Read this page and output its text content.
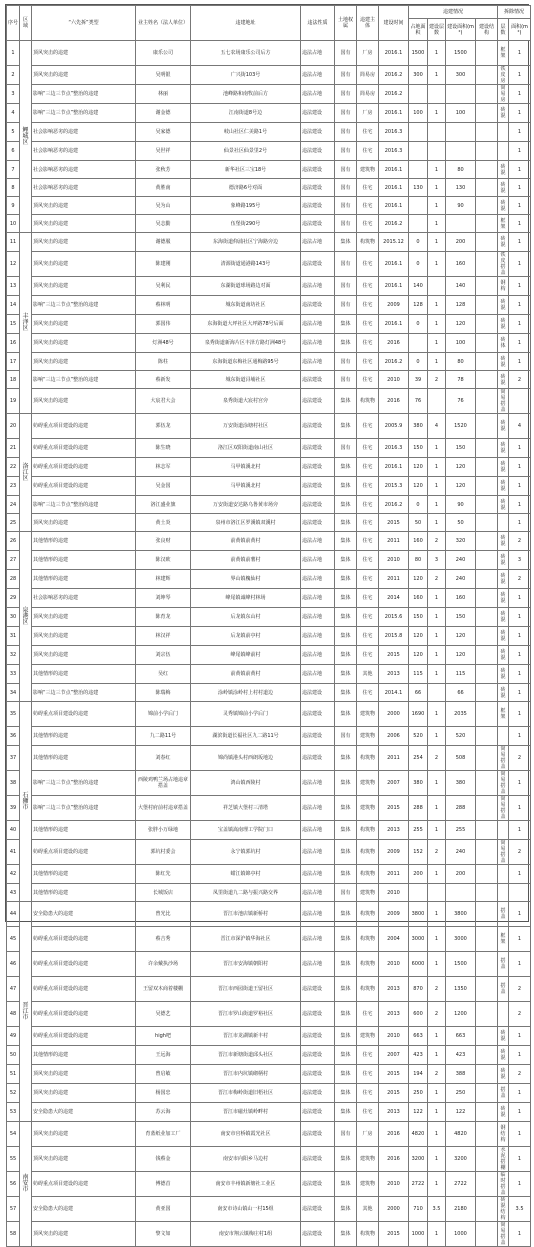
序号	区域	“六先拆”类型	业主姓名（法人单位）	违建地址	违法性质	土地权属	违建主体	建设时间	违建情况				拆除情况		
									占地面积	建设层数	建设面积(m²)	建设结构	层数	面积(m²)	
1	鲤城区	顶风突击的违建	康乐公司	五七农场康乐公司后方	违法占地	国有	厂房	2016.1	1500	1	1500		框架	1	
2		顶风突击的违建	吴明银	广兴街103号	违法占地	国有	简易房	2016.2	300	1	300		铁皮房	1	
3		影响“三边三节点”整治的违建	林丽	池峰路和南牧前后方	违法占地	国有	简易房	2016.2					简易房	1	
4		影响“三边三节点”整治的违建	谢金德	江南街道8号边	违法建设	国有	厂房	2016.1	100	1	100		砖混	1	
5		社会影响恶劣的违建	吴家德	岐山社区仁美路1号	违法建设	国有	住宅	2016.3						1	
6		社会影响恶劣的违建	吴世祥	仙景社区仙景里2号	违法建设	国有	住宅	2016.3						1	
7		社会影响恶劣的违建	张秋芳	新华社区三宝18号	违法建设	国有	建筑物	2016.1		1	80		砖混	1	
8		社会影响恶劣的违建	黄胜南	德济路6号对面	违法建设	国有	住宅	2016.1	130	1	130		砖混	1	
9		顶风突击的违建	吴为山	象峰路195号	违法建设	国有	住宅	2016.1		1	90		砖混	1	
10		顶风突击的违建	吴志勤	伍堡街290号	违法建设	国有	住宅	2016.2		1			框架	1	
11	丰泽区	顶风突击的违建	谢德服	东海街道仰浦社区宁海路旁边	违法占地	集体	构筑物	2015.12	0	1	200		砖混	1	
12		顶风突击的违建	陈建刚	清源街道通港路143号	违法建设	国有	住宅	2016.1	0	1	160		铁皮搭盖	1	
13		顶风突击的违建	吴利民	东湖街道球场路边对面	违法占地	国有	住宅	2016.1	140		140		钢构	1	
14		影响“三边三节点”整治的违建	蔡林明	城东街道南坊社区	违法建设	国有	住宅	2009	128	1	128		砖混	1	
15		顶风突击的违建	郭国伟	东海街道大坪社区大坪路78号后面	违法占地	集体	住宅	2016.1	0	1	120		砖混	1	
16		顶风突击的违建	灯洲48号	泉秀街道新海片区丰泽方路灯洲48号	违法占地	集体	住宅	2016		1	100		砖体	1	
17		顶风突击的违建	陈柱	东海街道东梅社区通梅路95号	违法占地	国有	住宅	2016.2	0	1	80		砖混	1	
18		影响“三边三节点”整治的违建	蔡新发	城东街道浔埔社区	违法建设	国有	住宅	2010	39	2	78		砖混	2	
19		顶风突击的违建	大宸君大会	泉秀街道大宸村宫旁	违法建设	集体	构筑物	2016	76		76		简易搭盖		
20	洛江区	妨碍重点项目建设的违建	郭伍龙	万安街道涂塘村社区	违法建设	集体	住宅	2005.9	380	4	1520		砖混	4	
21		妨碍重点项目建设的违建	陈生晓	洛江区双阳街道南山社区	违法建设	国有	住宅	2016.3	150	1	150		砖混	1	
22		妨碍重点项目建设的违建	林志军	马甲镇溪北村	违法建设	集体	住宅	2016.1	120	1	120		砖混	1	
23		妨碍重点项目建设的违建	吴金国	马甲镇溪北村	违法建设	集体	住宅	2015.3	120	1	120		砖混	1	
24		影响“三边三节点”整治的违建	洛江盛业旗	万安街道安达路乌鲁黄市场旁	违法建设	集体	住宅	2016.2	0	1	90		砖混	1	
25		顶风突击的违建	黄土炎	泉州市洛江区罗溪镇双溪村	违法建设	集体	住宅	2015	50	1	50			1	
26	泉港区	其他情形的违建	张良财	前黄镇前黄村	违法占地	集体	住宅	2011	160	2	320		砖混	2	
27		其他情形的违建	陈汉欧	前黄镇前薯村	违法占地	集体	住宅	2010	80	3	240		砖混	3	
28		其他情形的违建	林建辉	界山镇槐仙村	违法占地	集体	住宅	2011	120	2	240		砖混	2	
29		社会影响恶劣的违建	刘坤琴	峰尾镇诚峰村林场	违法占地	集体	住宅	2014	160	1	160		砖混	1	
30		顶风突击的违建	陈育龙	后龙镇东山村	违法占地	集体	住宅	2015.6	150	1	150		砖混	1	
31		顶风突击的违建	林汉祥	后龙镇前亭村	违法占地	集体	住宅	2015.8	120	1	120		砖混	1	
32		顶风突击的违建	刘宗伍	峰尾镇峰前村	违法占地	集体	住宅	2015	120	1	120		砖混	1	
33		其他情形的违建	吴红	前黄镇前黄村	违法占地	集体	其他	2013	115	1	115		砖混	1	
34		影响“三边三节点”整治的违建	陈瑞梅	涂岭镇涂岭村上村村道边	违法建设	集体	住宅	2014.1	66		66		砖混	1	
35	石狮市	妨碍重点项目建设的违建	锦前小学后门	灵秀镇锦前小学后门	违法建设	集体	建筑物	2000	1690	1	2035		框架	1	
36		其他情形的违建	九二路11号	湖滨街道长福社区九二路11号	违法建设	国有	建筑物	2006	520	1	520			1	
37		其他情形的违建	刘春红	锦尚镇港头村西朗坂地边	违法建设	集体	构筑物	2011	254	2	508		简易搭盖	2	
38		影响“三边三节点”整治的违建	西陵鸡鸭兰场占地违章搭盖	鸿山镇西陵村	违法占地	集体	建筑物	2007	380	1	380		简易搭盖	1	
39		影响“三边三节点”整治的违建	大堡村府前村违章搭盖	祥芝镇大堡村三清塔	违法占地	集体	建筑物	2015	288	1	288		简易搭盖	1	
40		其他情形的违建	张胖小万绿地	宝盖镇嵩南理工学院门口	违法占地	集体	构筑物	2013	255	1	255			1	
41		妨碍重点项目建设的违建	郭坑村委会	永宁镇郭坑村	违法占地	集体	构筑物	2009	152	2	240		简易搭盖	2	
42		其他情形的违建	陈红先	蚶江镇锦亭村	违法占地	集体	构筑物	2011	200	1	200			1	
43		其他情形的违建	长城饭店	凤里街道九二路与振兴路交界	违法占地	国有	建筑物	2010							
44	晋江市	安全隐患大的违建	曾光比	晋江市池店镇新桥村	违法占地	集体	构筑物	2009	3800	1	3800		搭盖	1	
45		妨碍重点项目建设的违建	蔡吉秀	晋江市深沪镇华海社区	违法占地	集体	构筑物	2004	3000	1	3000		框架	1	
46		妨碍重点项目建设的违建	许余戴执沙场	晋江市安海镇朝阳村	违法占地	集体	构筑物	2010	6000	1	1500		搭盖	1	
47		妨碍重点项目建设的违建	王留双木商着楼棚	晋江市西园街道王留社区	违法建设	集体	构筑物	2013	870	2	1350		搭盖	2	
48		妨碍重点项目建设的违建	吴德艺	晋江市罗山街道罗裕社区	违法建设	集体	住宅	2013	600	2	1200			2	
49		妨碍重点项目建设的违建	high吧	晋江市龙湖镇新丰村	违法建设	集体	建筑物	2010	663	1	663		砖混	1	
50		其他情形的违建	王远海	晋江市新塘街道邱头社区	违法建设	集体	住宅	2007	423	1	423		砖混	1	
51		顶风突击的违建	曾启敏	晋江市内坑镇砌柄村	违法建设	集体	住宅	2015	194	2	388		砖混	2	
52		顶风突击的违建	杨国忠	晋江市梅岭街道旧梧社区	违法建设	集体	住宅	2015	250	1	250		搭盖	1	
53		安全隐患大的违建	苏云海	晋江市磁灶镇岭畔村	违法建设	集体	住宅	2013	122	1	122		砖混	1	
54	南安市	顶风突击的违建	育蓝纸业加工厂	南安市官桥镇霞光社区	违法建设	国有	厂房	2016	4820	1	4820		钢结构	1	
55		顶风突击的违建	钱蔡金	南安市向阳乡马边村	违法建设	集体	建筑物	2016	3200	1	3200		水泥搭棚	1	
56		妨碍重点项目建设的违建	傅德首	南安市丰州镇新塘社工业区	违法建设	集体	建筑物	2010	2722	1	2722		临时搭盖	1	
57		安全隐患大的违建	黄亚国	南安市诗山镇山一村15组	违法建设	集体	其他	2000	710	3.5	2180		砖混结构	3.5	
58		顶风突击的违建	黎文如	南安市翔云镇梅庄村1组	违法建设	集体	构筑物	2015	1000	1	1000		简易搭盖	1	
